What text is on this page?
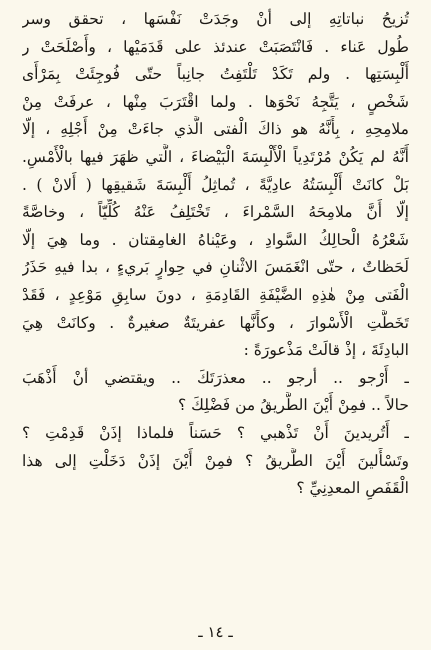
تُزيحُ نباتاتِهِ إلى أنْ وجَدَتْ نَفْسَها ، تحقق وسر
طُول عَناء . فَانْتَصَبَتْ عندئذ على قَدَمَيْها ، وأَصْلَحَتْ ر
أَلْبِسَتِها . ولم تَكَدْ تَلْتَفِتُ جانِباً حتّى فُوجِئَتْ بِمَرْأَى
شَخْصٍ ، يَتَّجِهُ نَحْوَها . ولما اقْتَرَبَ مِنْها ، عرفَتْ مِنْ
ملامِحِهِ ، بِأَنَّهُ هو ذاكَ الْفتى الَّذي جاءَتْ مِنْ أَجْلِهِ ، إلّا
أَنَّهُ لم يَكُنْ مُرْتَدِياً الْأَلْبِسَةَ الْبَيْضاءَ ، الَّتي ظهَرَ فيها بالْأَمْسِ.
بَلْ كانَتْ أَلْبِسَتُهُ عادِيَّةً ، تُماثِلُ أَلْبِسَةَ شَقيقِها ( أَلانْ ) .
إلّا أَنَّ ملامِحَهُ السَّمْراءَ ، تَخْتَلِفُ عَنْهُ كُلِّيّاً ، وخاصَّةً
شَعْرُهُ الْحالِكُ السَّوادِ ، وعَيْناهُ الغامِقتان . وما هِيَ إلّا
لَحَظاتٌ ، حتّى انْغَمَسَ الاثْنانِ في حِوارٍ بَريءٍ ، بدا فيهِ حَذَرُ
الْفَتى مِنْ هٰذِهِ الضَّيْفَةِ القَادِمَةِ ، دونَ سابِقِ مَوْعِدٍ ، فَقَدْ
تَخَطَّتِ الْأَسْوارَ ، وكأَنَّها عفريتَةٌ صغيرةٌ . وكانَتْ هِيَ
البادِئَةَ ، إذْ قالَتْ مَذْعورَةً :
ـ أَرْجو .. أرجو .. معذرَتَكَ .. ويقتضي أنْ أَذْهَبَ
حالاً .. فمِنْ أَيْنَ الطَّريقُ من فَضْلِكَ ؟
ـ أَتُريدينَ أَنْ تَذْهبي ؟ حَسَناً فلماذا إذَنْ قَدِمْتِ ؟
وتَسْأَلينَ أَيْنَ الطَّريقُ ؟ فمِنْ أَيْنَ إذَنْ دَخَلْتِ إلى هذا
الْقَفَصِ المعدِنِيِّ ؟
ـ ١٤ ـ
